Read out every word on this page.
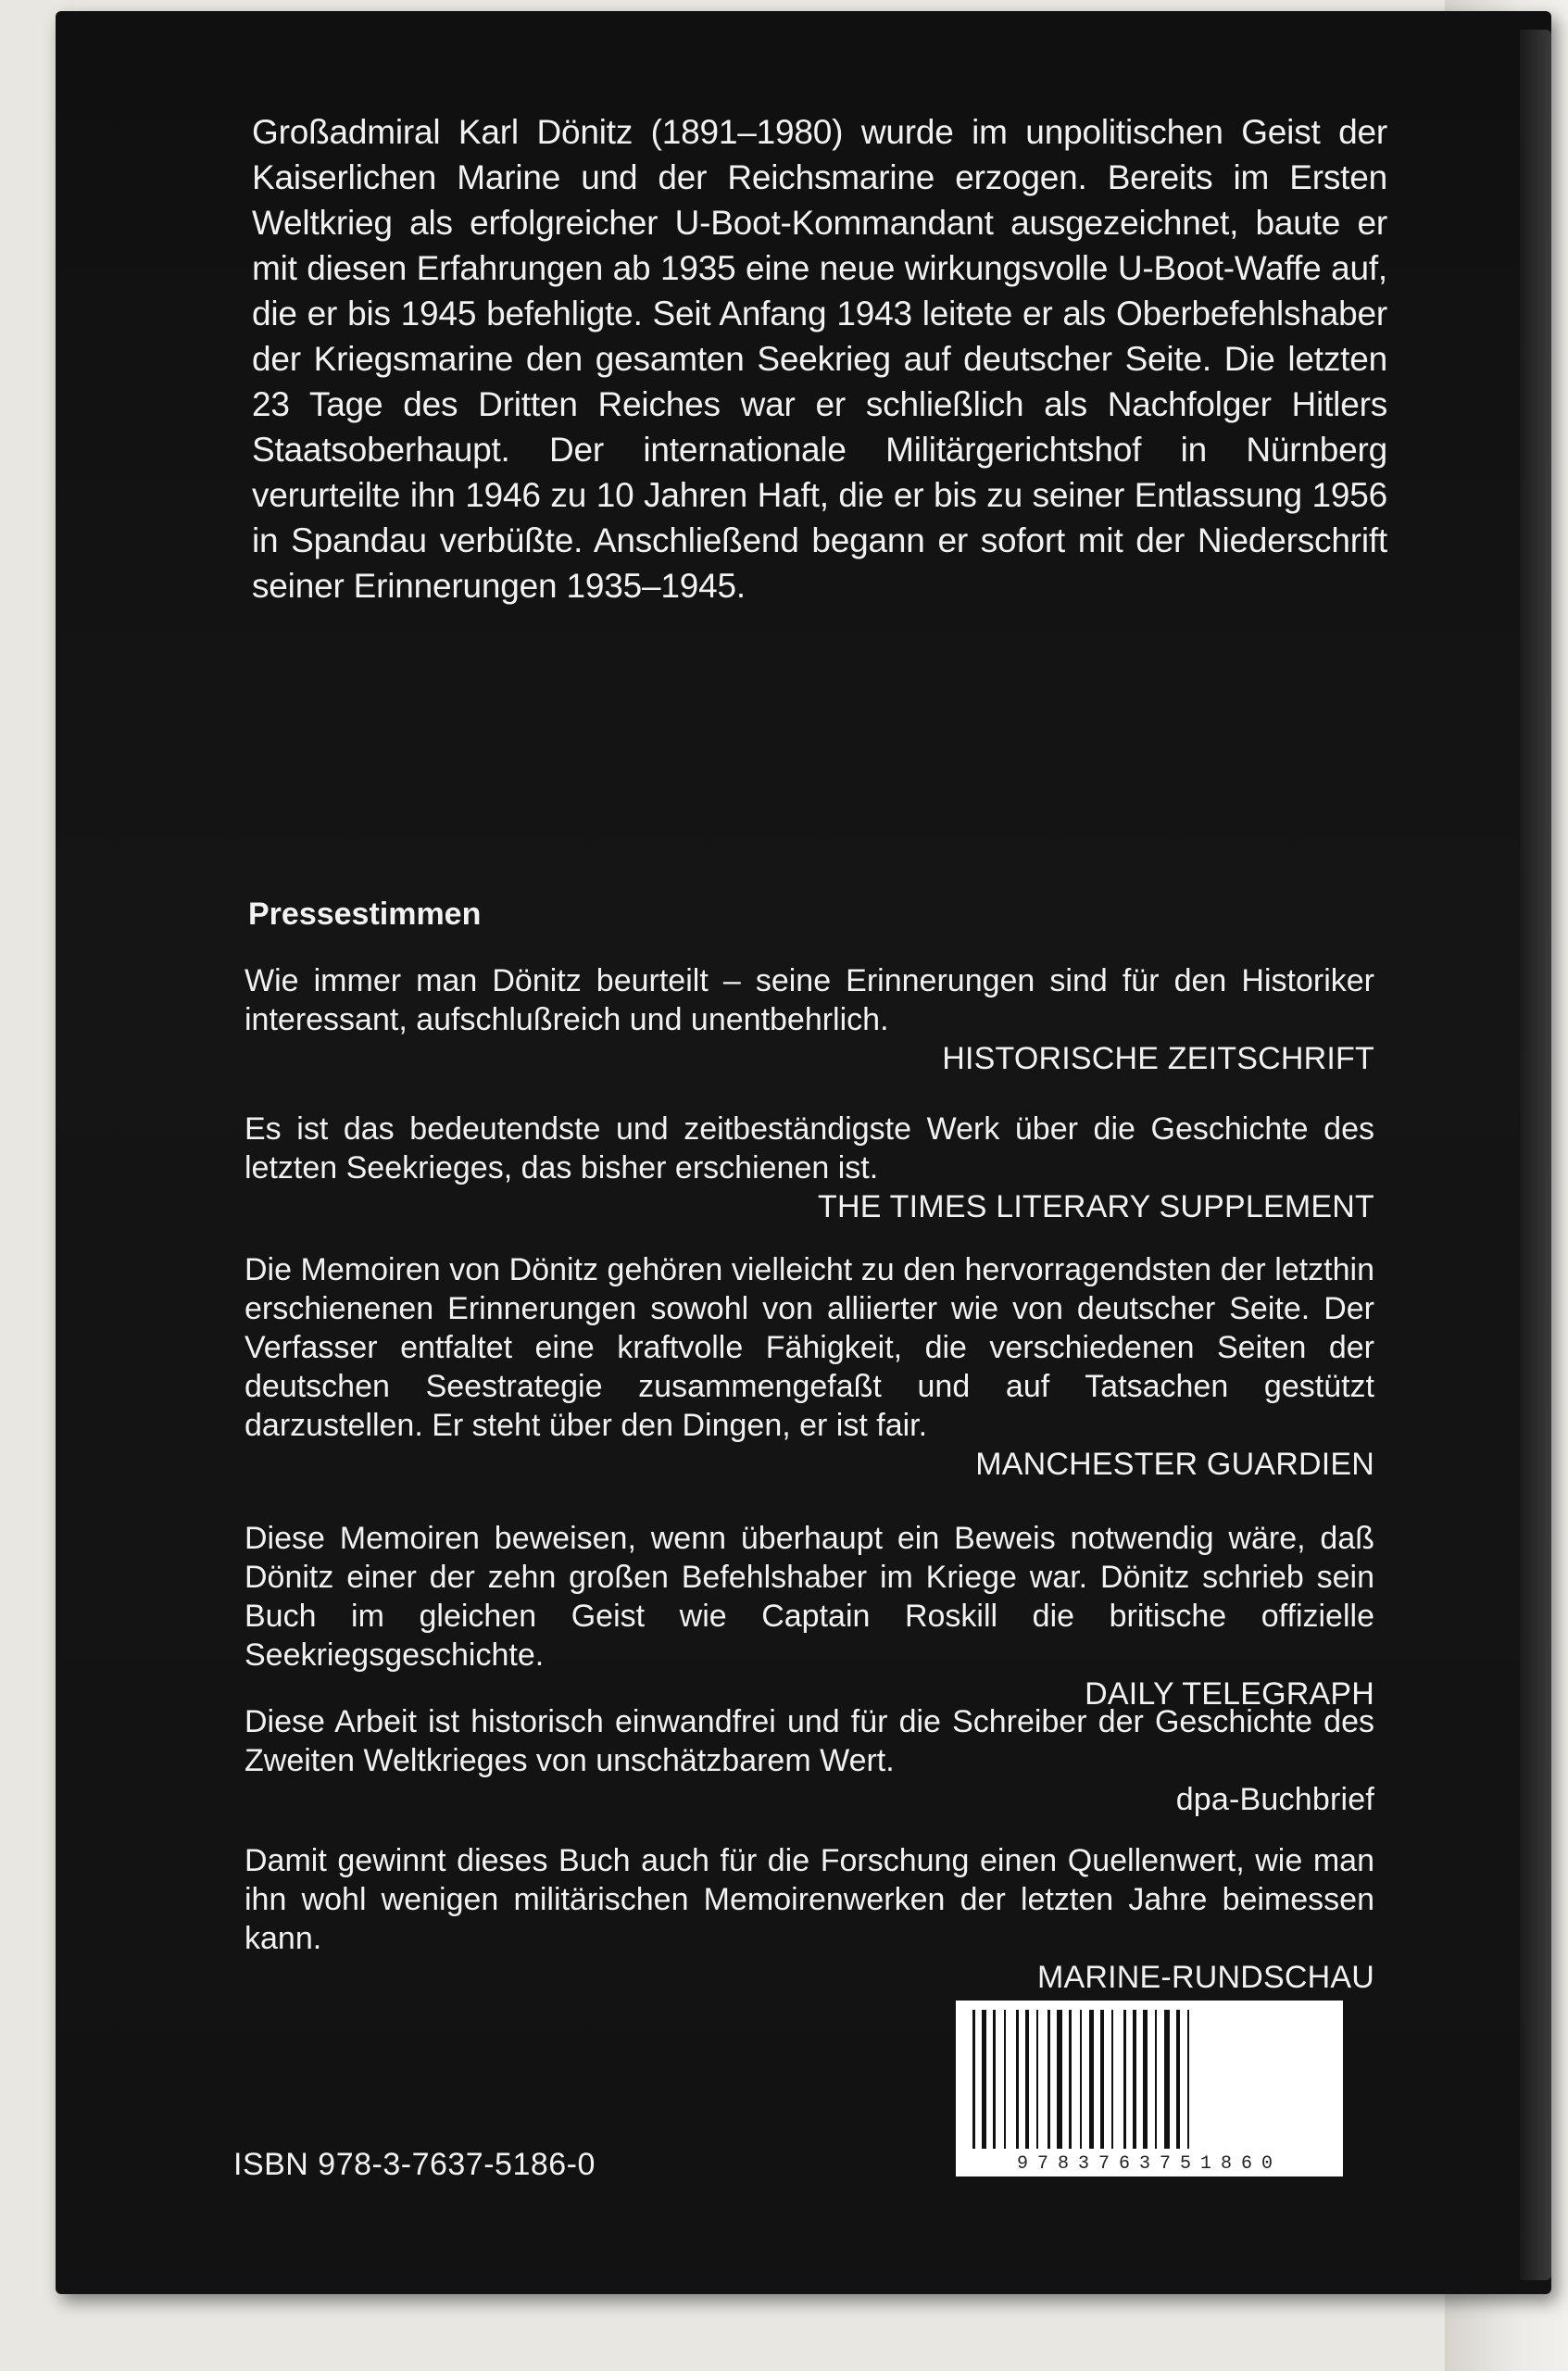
Großadmiral Karl Dönitz (1891–1980) wurde im unpolitischen Geist der Kaiserlichen Marine und der Reichsmarine erzogen. Bereits im Ersten Weltkrieg als erfolgreicher U-Boot-Kommandant ausgezeichnet, baute er mit diesen Erfahrungen ab 1935 eine neue wirkungsvolle U-Boot-Waffe auf, die er bis 1945 befehligte. Seit Anfang 1943 leitete er als Oberbefehlshaber der Kriegsmarine den gesamten Seekrieg auf deutscher Seite. Die letzten 23 Tage des Dritten Reiches war er schließlich als Nachfolger Hitlers Staatsoberhaupt. Der internationale Militärgerichtshof in Nürnberg verurteilte ihn 1946 zu 10 Jahren Haft, die er bis zu seiner Entlassung 1956 in Spandau verbüßte. Anschließend begann er sofort mit der Niederschrift seiner Erinnerungen 1935–1945.
Pressestimmen

Wie immer man Dönitz beurteilt – seine Erinnerungen sind für den Historiker interessant, aufschlußreich und unentbehrlich.

HISTORISCHE ZEITSCHRIFT

Es ist das bedeutendste und zeitbeständigste Werk über die Geschichte des letzten Seekrieges, das bisher erschienen ist.

THE TIMES LITERARY SUPPLEMENT

Die Memoiren von Dönitz gehören vielleicht zu den hervorragendsten der letzthin erschienenen Erinnerungen sowohl von alliierter wie von deutscher Seite. Der Verfasser entfaltet eine kraftvolle Fähigkeit, die verschiedenen Seiten der deutschen Seestrategie zusammengefaßt und auf Tatsachen gestützt darzustellen. Er steht über den Dingen, er ist fair.

MANCHESTER GUARDIEN

Diese Memoiren beweisen, wenn überhaupt ein Beweis notwendig wäre, daß Dönitz einer der zehn großen Befehlshaber im Kriege war. Dönitz schrieb sein Buch im gleichen Geist wie Captain Roskill die britische offizielle Seekriegsgeschichte.

DAILY TELEGRAPH

Diese Arbeit ist historisch einwandfrei und für die Schreiber der Geschichte des Zweiten Weltkrieges von unschätzbarem Wert.

dpa-Buchbrief

Damit gewinnt dieses Buch auch für die Forschung einen Quellenwert, wie man ihn wohl wenigen militärischen Memoirenwerken der letzten Jahre beimessen kann.

MARINE-RUNDSCHAU

ISBN 978-3-7637-5186-0	9783763751860
